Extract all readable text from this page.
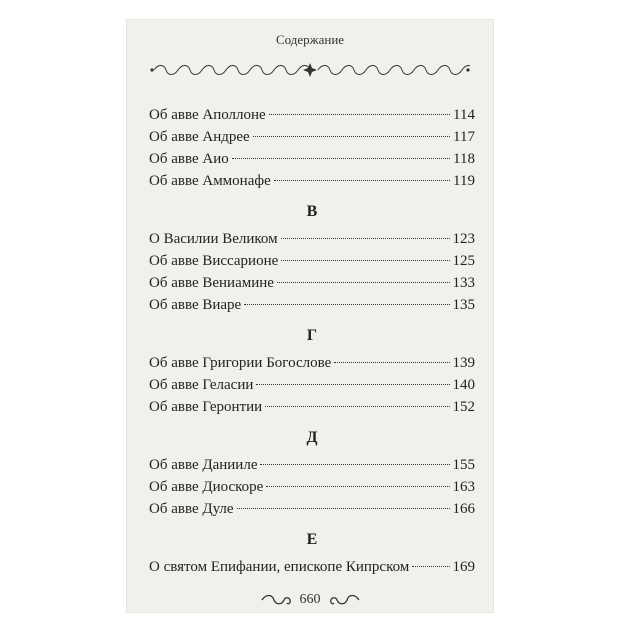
Содержание
Об авве Аполлоне	114
Об авве Андрее	117
Об авве Аио	118
Об авве Аммонафе	119
В
О Василии Великом	123
Об авве Виссарионе	125
Об авве Вениамине	133
Об авве Виаре	135
Г
Об авве Григории Богослове	139
Об авве Геласии	140
Об авве Геронтии	152
Д
Об авве Данииле	155
Об авве Диоскоре	163
Об авве Дуле	166
Е
О святом Епифании, епископе Кипрском	169
660
